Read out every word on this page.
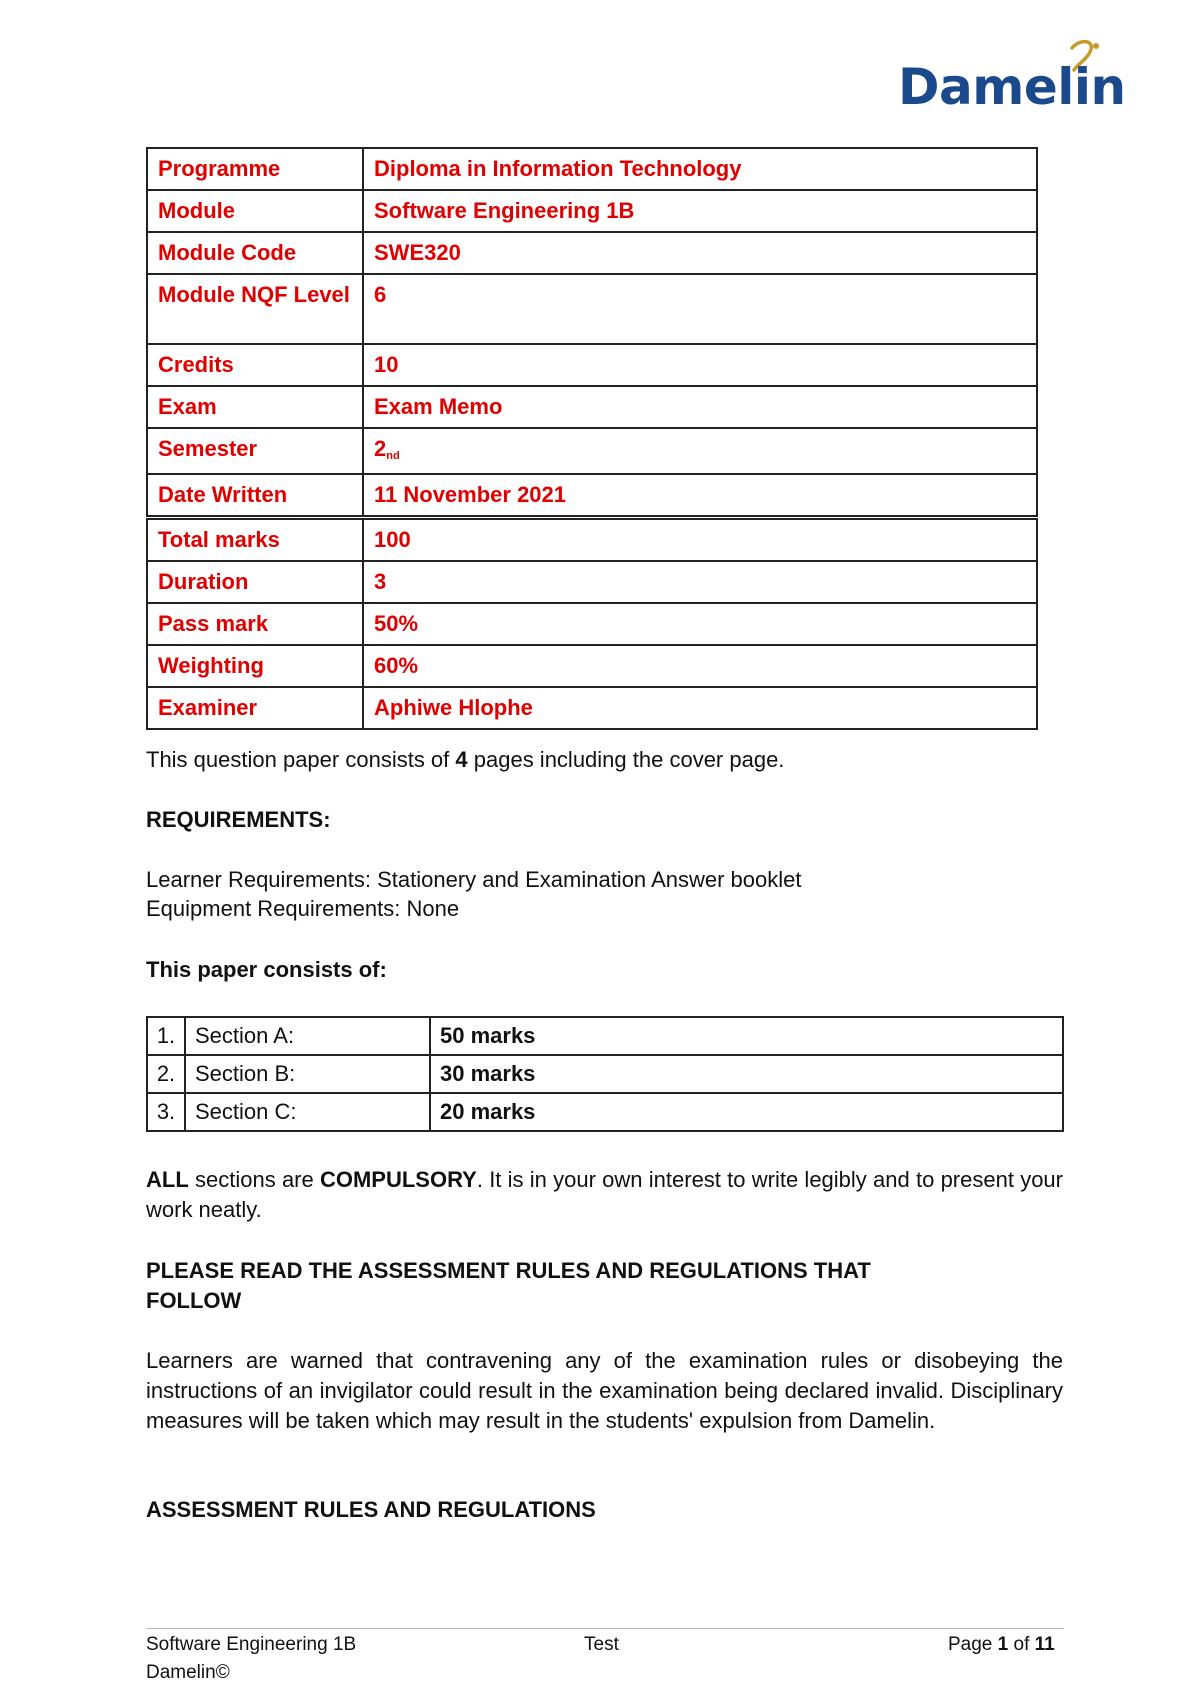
Damelin
Programme	Diploma in Information Technology
Module	Software Engineering 1B
Module Code	SWE320
Module NQF Level	6
Credits	10
Exam	Exam Memo
Semester	2nd
Date Written	11 November 2021
Total marks	100
Duration	3
Pass mark	50%
Weighting	60%
Examiner	Aphiwe Hlophe
This question paper consists of 4 pages including the cover page.
REQUIREMENTS:
Learner Requirements: Stationery and Examination Answer booklet
Equipment Requirements: None
This paper consists of:
1.	Section A:	50 marks
2.	Section B:	30 marks
3.	Section C:	20 marks
ALL sections are COMPULSORY. It is in your own interest to write legibly and to present your work neatly.
PLEASE READ THE ASSESSMENT RULES AND REGULATIONS THAT FOLLOW
Learners are warned that contravening any of the examination rules or disobeying the instructions of an invigilator could result in the examination being declared invalid. Disciplinary measures will be taken which may result in the students' expulsion from Damelin.
ASSESSMENT RULES AND REGULATIONS
Software Engineering 1B
Damelin©
Test	Page 1 of 11
